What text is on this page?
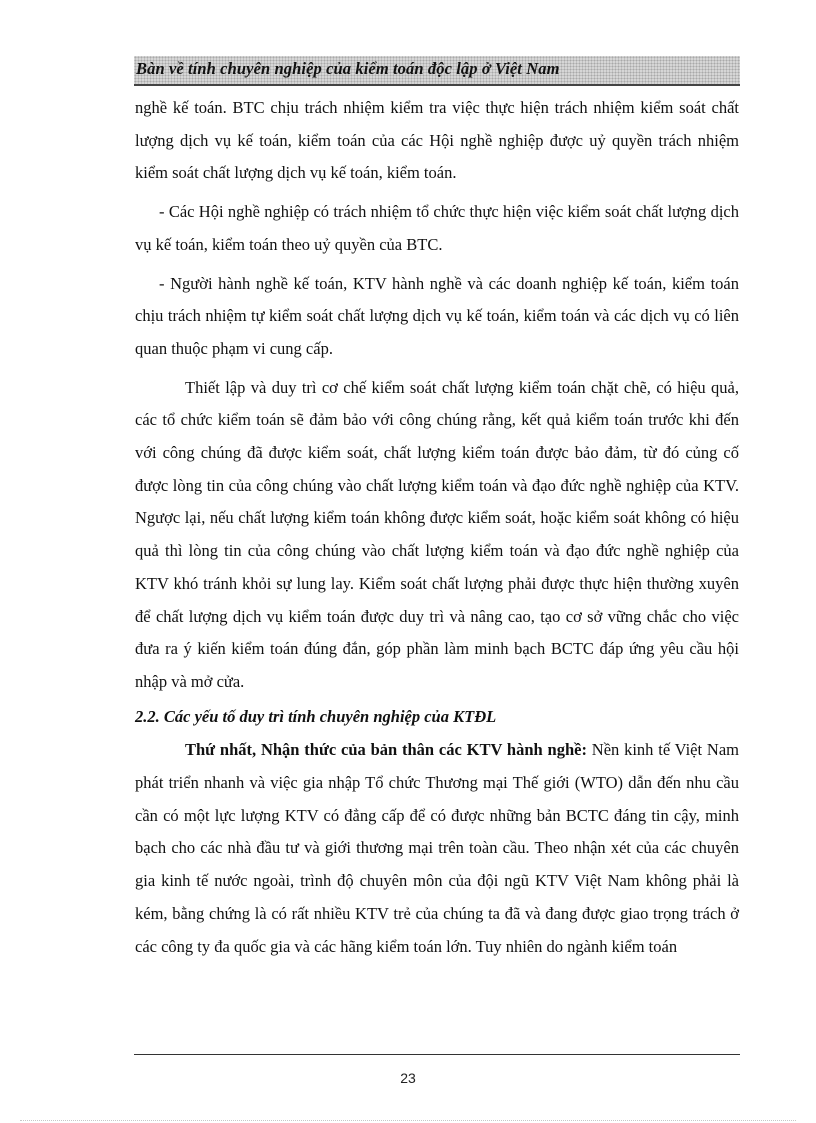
Bàn về tính chuyên nghiệp của kiểm toán độc lập ở Việt Nam

nghề kế toán. BTC chịu trách nhiệm kiểm tra việc thực hiện trách nhiệm kiểm soát chất lượng dịch vụ kế toán, kiểm toán của các Hội nghề nghiệp được uỷ quyền trách nhiệm kiểm soát chất lượng dịch vụ kế toán, kiểm toán.

- Các Hội nghề nghiệp có trách nhiệm tổ chức thực hiện việc kiểm soát chất lượng dịch vụ kế toán, kiểm toán theo uỷ quyền của BTC.

- Người hành nghề kế toán, KTV hành nghề và các doanh nghiệp kế toán, kiểm toán chịu trách nhiệm tự kiểm soát chất lượng dịch vụ kế toán, kiểm toán và các dịch vụ có liên quan thuộc phạm vi cung cấp.

Thiết lập và duy trì cơ chế kiểm soát chất lượng kiểm toán chặt chẽ, có hiệu quả, các tổ chức kiểm toán sẽ đảm bảo với công chúng rằng, kết quả kiểm toán trước khi đến với công chúng đã được kiểm soát, chất lượng kiểm toán được bảo đảm, từ đó củng cố được lòng tin của công chúng vào chất lượng kiểm toán và đạo đức nghề nghiệp của KTV. Ngược lại, nếu chất lượng kiểm toán không được kiểm soát, hoặc kiểm soát không có hiệu quả thì lòng tin của công chúng vào chất lượng kiểm toán và đạo đức nghề nghiệp của KTV khó tránh khỏi sự lung lay. Kiểm soát chất lượng phải được thực hiện thường xuyên để chất lượng dịch vụ kiểm toán được duy trì và nâng cao, tạo cơ sở vững chắc cho việc đưa ra ý kiến kiểm toán đúng đắn, góp phần làm minh bạch BCTC đáp ứng yêu cầu hội nhập và mở cửa.

2.2. Các yếu tố duy trì tính chuyên nghiệp của KTĐL

Thứ nhất, Nhận thức của bản thân các KTV hành nghề: Nền kinh tế Việt Nam phát triển nhanh và việc gia nhập Tổ chức Thương mại Thế giới (WTO) dẫn đến nhu cầu cần có một lực lượng KTV có đẳng cấp để có được những bản BCTC đáng tin cậy, minh bạch cho các nhà đầu tư và giới thương mại trên toàn cầu. Theo nhận xét của các chuyên gia kinh tế nước ngoài, trình độ chuyên môn của đội ngũ KTV Việt Nam không phải là kém, bằng chứng là có rất nhiều KTV trẻ của chúng ta đã và đang được giao trọng trách ở các công ty đa quốc gia và các hãng kiểm toán lớn. Tuy nhiên do ngành kiểm toán

23
